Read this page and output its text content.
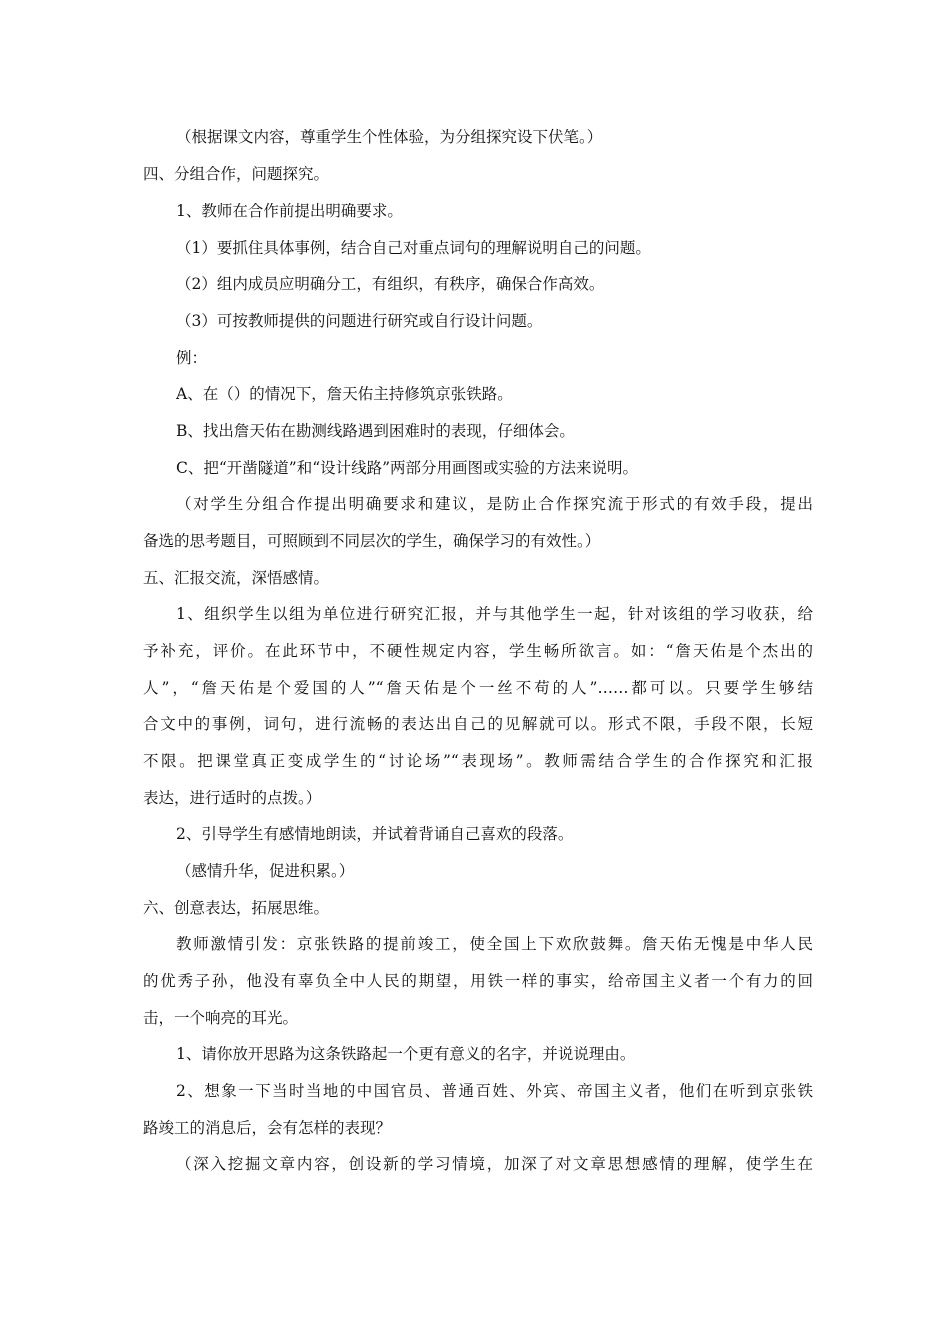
（根据课文内容，尊重学生个性体验，为分组探究设下伏笔。）
四、分组合作，问题探究。
1、教师在合作前提出明确要求。
（1）要抓住具体事例，结合自己对重点词句的理解说明自己的问题。
（2）组内成员应明确分工，有组织，有秩序，确保合作高效。
（3）可按教师提供的问题进行研究或自行设计问题。
例：
A、在（）的情况下，詹天佑主持修筑京张铁路。
B、找出詹天佑在勘测线路遇到困难时的表现，仔细体会。
C、把“开凿隧道”和“设计线路”两部分用画图或实验的方法来说明。
（对学生分组合作提出明确要求和建议，是防止合作探究流于形式的有效手段，提出
备选的思考题目，可照顾到不同层次的学生，确保学习的有效性。）
五、汇报交流，深悟感情。
1、组织学生以组为单位进行研究汇报，并与其他学生一起，针对该组的学习收获，给
予补充，评价。在此环节中，不硬性规定内容，学生畅所欲言。如：“詹天佑是个杰出的
人”，“詹天佑是个爱国的人”“詹天佑是个一丝不苟的人”……都可以。只要学生够结
合文中的事例，词句，进行流畅的表达出自己的见解就可以。形式不限，手段不限，长短
不限。把课堂真正变成学生的“讨论场”“表现场”。教师需结合学生的合作探究和汇报
表达，进行适时的点拨。）
2、引导学生有感情地朗读，并试着背诵自己喜欢的段落。
（感情升华，促进积累。）
六、创意表达，拓展思维。
教师激情引发：京张铁路的提前竣工，使全国上下欢欣鼓舞。詹天佑无愧是中华人民
的优秀子孙，他没有辜负全中人民的期望，用铁一样的事实，给帝国主义者一个有力的回
击，一个响亮的耳光。
1、请你放开思路为这条铁路起一个更有意义的名字，并说说理由。
2、想象一下当时当地的中国官员、普通百姓、外宾、帝国主义者，他们在听到京张铁
路竣工的消息后，会有怎样的表现？
（深入挖掘文章内容，创设新的学习情境，加深了对文章思想感情的理解，使学生在
